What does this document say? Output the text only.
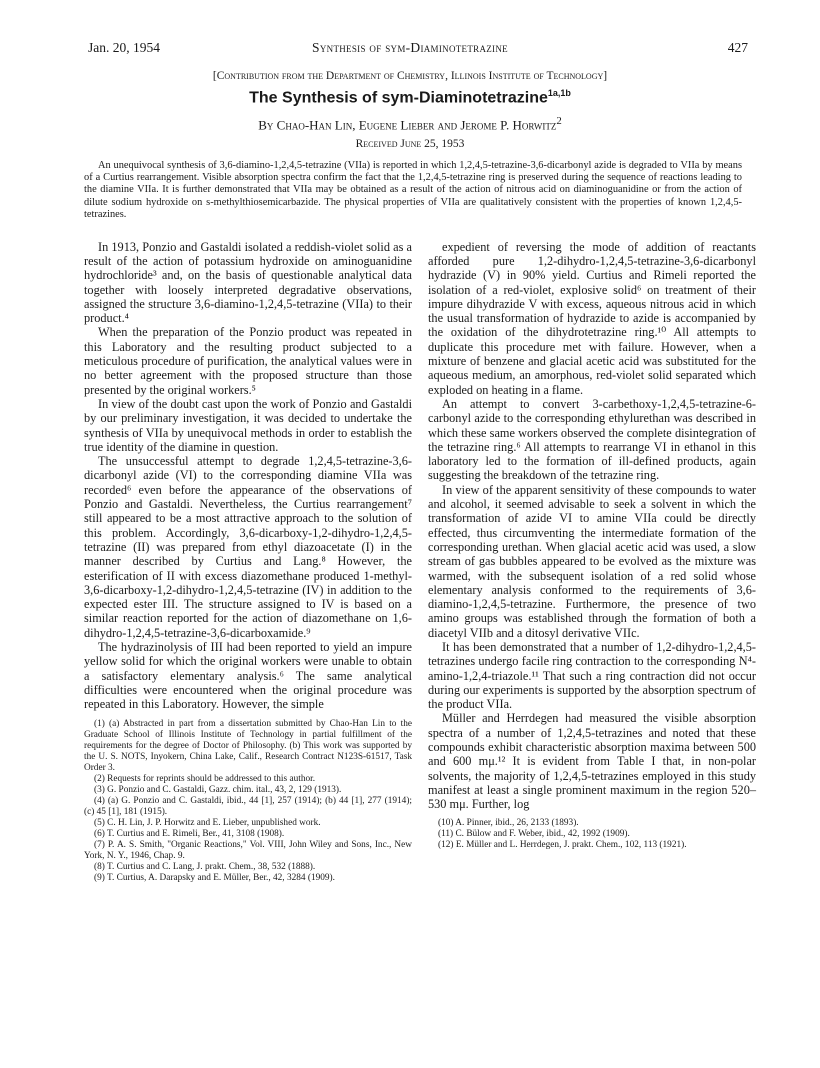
Jan. 20, 1954	Synthesis of sym-Diaminotetrazine	427
[Contribution from the Department of Chemistry, Illinois Institute of Technology]
The Synthesis of sym-Diaminotetrazine$^{1a,1b}$
By Chao-Han Lin, Eugene Lieber and Jerome P. Horwitz$^2$
Received June 25, 1953
An unequivocal synthesis of 3,6-diamino-1,2,4,5-tetrazine (VIIa) is reported in which 1,2,4,5-tetrazine-3,6-dicarbonyl azide is degraded to VIIa by means of a Curtius rearrangement. Visible absorption spectra confirm the fact that the 1,2,4,5-tetrazine ring is preserved during the sequence of reactions leading to the diamine VIIa. It is further demonstrated that VIIa may be obtained as a result of the action of nitrous acid on diaminoguanidine or from the action of dilute sodium hydroxide on s-methylthiosemicarbazide. The physical properties of VIIa are qualitatively consistent with the properties of known 1,2,4,5-tetrazines.

In 1913, Ponzio and Gastaldi isolated a reddish-violet solid as a result of the action of potassium hydroxide on aminoguanidine hydrochloride³ and, on the basis of questionable analytical data together with loosely interpreted degradative observations, assigned the structure 3,6-diamino-1,2,4,5-tetrazine (VIIa) to their product.⁴

When the preparation of the Ponzio product was repeated in this Laboratory and the resulting product subjected to a meticulous procedure of purification, the analytical values were in no better agreement with the proposed structure than those presented by the original workers.⁵

In view of the doubt cast upon the work of Ponzio and Gastaldi by our preliminary investigation, it was decided to undertake the synthesis of VIIa by unequivocal methods in order to establish the true identity of the diamine in question.

The unsuccessful attempt to degrade 1,2,4,5-tetrazine-3,6-dicarbonyl azide (VI) to the corresponding diamine VIIa was recorded⁶ even before the appearance of the observations of Ponzio and Gastaldi. Nevertheless, the Curtius rearrangement⁷ still appeared to be a most attractive approach to the solution of this problem. Accordingly, 3,6-dicarboxy-1,2-dihydro-1,2,4,5-tetrazine (II) was prepared from ethyl diazoacetate (I) in the manner described by Curtius and Lang.⁸ However, the esterification of II with excess diazomethane produced 1-methyl-3,6-dicarboxy-1,2-dihydro-1,2,4,5-tetrazine (IV) in addition to the expected ester III. The structure assigned to IV is based on a similar reaction reported for the action of diazomethane on 1,6-dihydro-1,2,4,5-tetrazine-3,6-dicarboxamide.⁹

The hydrazinolysis of III had been reported to yield an impure yellow solid for which the original workers were unable to obtain a satisfactory elementary analysis.⁶ The same analytical difficulties were encountered when the original procedure was repeated in this Laboratory. However, the simple

(1) (a) Abstracted in part from a dissertation submitted by Chao-Han Lin to the Graduate School of Illinois Institute of Technology in partial fulfillment of the requirements for the degree of Doctor of Philosophy. (b) This work was supported by the U. S. NOTS, Inyokern, China Lake, Calif., Research Contract N123S-61517, Task Order 3.

(2) Requests for reprints should be addressed to this author.

(3) G. Ponzio and C. Gastaldi, Gazz. chim. ital., 43, 2, 129 (1913).

(4) (a) G. Ponzio and C. Gastaldi, ibid., 44 [1], 257 (1914); (b) 44 [1], 277 (1914); (c) 45 [1], 181 (1915).

(5) C. H. Lin, J. P. Horwitz and E. Lieber, unpublished work.

(6) T. Curtius and E. Rimeli, Ber., 41, 3108 (1908).

(7) P. A. S. Smith, "Organic Reactions," Vol. VIII, John Wiley and Sons, Inc., New York, N. Y., 1946, Chap. 9.

(8) T. Curtius and C. Lang, J. prakt. Chem., 38, 532 (1888).

(9) T. Curtius, A. Darapsky and E. Müller, Ber., 42, 3284 (1909).

expedient of reversing the mode of addition of reactants afforded pure 1,2-dihydro-1,2,4,5-tetrazine-3,6-dicarbonyl hydrazide (V) in 90% yield. Curtius and Rimeli reported the isolation of a red-violet, explosive solid⁶ on treatment of their impure dihydrazide V with excess, aqueous nitrous acid in which the usual transformation of hydrazide to azide is accompanied by the oxidation of the dihydrotetrazine ring.¹⁰ All attempts to duplicate this procedure met with failure. However, when a mixture of benzene and glacial acetic acid was substituted for the aqueous medium, an amorphous, red-violet solid separated which exploded on heating in a flame.

An attempt to convert 3-carbethoxy-1,2,4,5-tetrazine-6-carbonyl azide to the corresponding ethylurethan was described in which these same workers observed the complete disintegration of the tetrazine ring.⁶ All attempts to rearrange VI in ethanol in this laboratory led to the formation of ill-defined products, again suggesting the breakdown of the tetrazine ring.

In view of the apparent sensitivity of these compounds to water and alcohol, it seemed advisable to seek a solvent in which the transformation of azide VI to amine VIIa could be directly effected, thus circumventing the intermediate formation of the corresponding urethan. When glacial acetic acid was used, a slow stream of gas bubbles appeared to be evolved as the mixture was warmed, with the subsequent isolation of a red solid whose elementary analysis conformed to the requirements of 3,6-diamino-1,2,4,5-tetrazine. Furthermore, the presence of two amino groups was established through the formation of both a diacetyl VIIb and a ditosyl derivative VIIc.

It has been demonstrated that a number of 1,2-dihydro-1,2,4,5-tetrazines undergo facile ring contraction to the corresponding N⁴-amino-1,2,4-triazole.¹¹ That such a ring contraction did not occur during our experiments is supported by the absorption spectrum of the product VIIa.

Müller and Herrdegen had measured the visible absorption spectra of a number of 1,2,4,5-tetrazines and noted that these compounds exhibit characteristic absorption maxima between 500 and 600 mμ.¹² It is evident from Table I that, in non-polar solvents, the majority of 1,2,4,5-tetrazines employed in this study manifest at least a single prominent maximum in the region 520–530 mμ. Further, log

(10) A. Pinner, ibid., 26, 2133 (1893).

(11) C. Bülow and F. Weber, ibid., 42, 1992 (1909).

(12) E. Müller and L. Herrdegen, J. prakt. Chem., 102, 113 (1921).
